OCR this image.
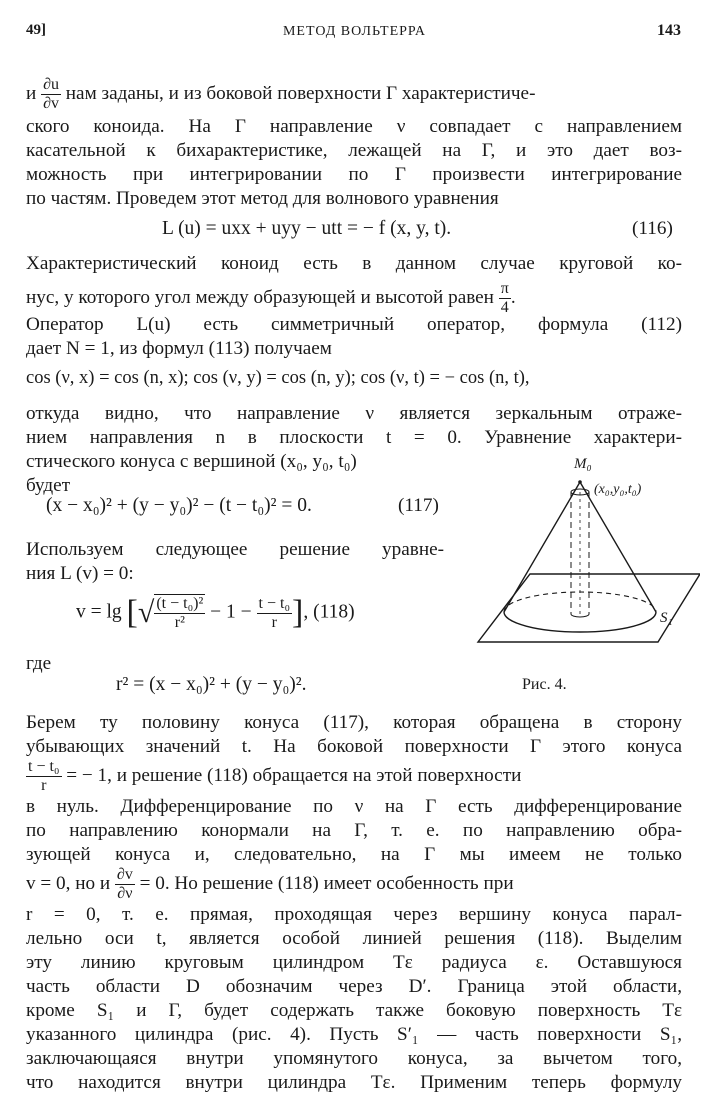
49]	МЕТОД ВОЛЬТЕРРА	143
и $\frac{\partial u}{\partial v}$ нам заданы, и из боковой поверхности Γ характеристиче-
ского коноида. На Γ направление ν совпадает с направлением
касательной к бихарактеристике, лежащей на Γ, и это дает воз-
можность при интегрировании по Γ произвести интегрирование
по частям. Проведем этот метод для волнового уравнения
L (u) = uxx + uyy − utt = − f (x, y, t).	(116)
Характеристический коноид есть в данном случае круговой ко-
нус, у которого угол между образующей и высотой равен $\frac{\pi}{4}$ .
Оператор L(u) есть симметричный оператор, формула (112)
дает N = 1, из формул (113) получаем
cos (ν, x) = cos (n, x); cos (ν, y) = cos (n, y); cos (ν, t) = − cos (n, t),
откуда видно, что направление ν является зеркальным отраже-
нием направления n в плоскости t = 0. Уравнение характери-
стического конуса с вершиной (x₀, y₀, t₀)
будет
(x − x₀)² + (y − y₀)² − (t − t₀)² = 0.	(117)
Используем следующее решение уравне-
ния L (v) = 0:
v = lg [√ $\frac{\text{(t − t₀)²}}{\text{r²}} - 1 - \frac{\text{t − t₀}}{r}$ ], (118)
где
r² = (x − x₀)² + (y − y₀)².
Берем ту половину конуса (117), которая обращена в сторону
убывающих значений t. На боковой поверхности Γ этого конуса
$\frac{\text{t − t₀}}{r}$ = − 1, и решение (118) обращается на этой поверхности
в нуль. Дифференцирование по ν на Γ есть дифференцирование
по направлению конормали на Γ, т. е. по направлению обра-
зующей конуса и, следовательно, на Γ мы имеем не только
v = 0, но и $\frac{\partial v}{\partial\nu} = 0$. Но решение (118) имеет особенность при
r = 0, т. е. прямая, проходящая через вершину конуса парал-
лельно оси t, является особой линией решения (118). Выделим
эту линию круговым цилиндром Tε радиуса ε. Оставшуюся
часть области D обозначим через D′. Граница этой области,
кроме S₁ и Γ, будет содержать также боковую поверхность Tε
указанного цилиндра (рис. 4). Пусть S′₁ — часть поверхности S₁,
заключающаяся внутри упомянутого конуса, за вычетом того,
что находится внутри цилиндра Tε. Применим теперь формулу
M₀
(x₀,y₀,t₀)
S₁
Рис. 4.
